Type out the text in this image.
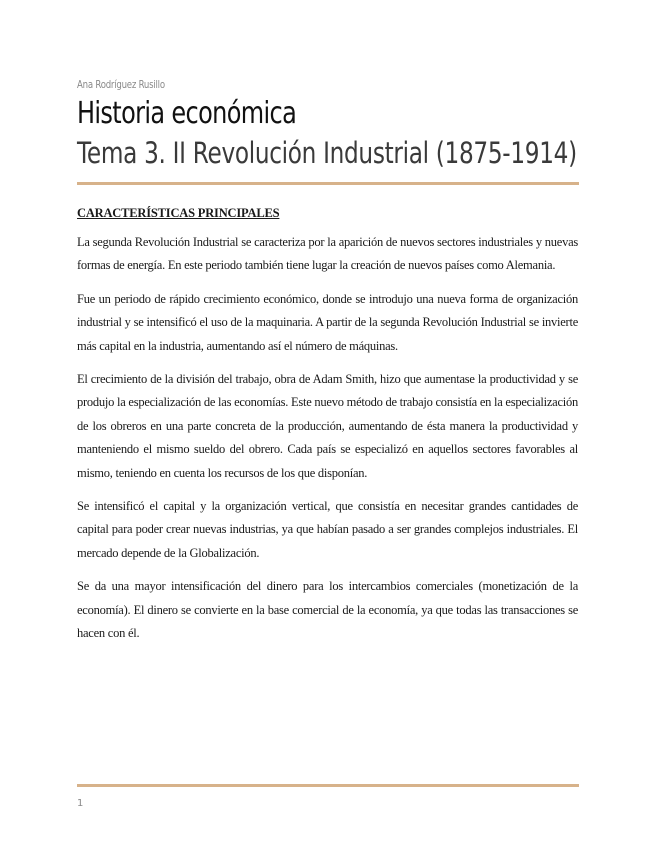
Ana Rodríguez Rusillo
Historia económica
Tema 3. II Revolución Industrial (1875-1914)

CARACTERÍSTICAS PRINCIPALES

La segunda Revolución Industrial se caracteriza por la aparición de nuevos sectores industriales y nuevas formas de energía. En este periodo también tiene lugar la creación de nuevos países como Alemania.

Fue un periodo de rápido crecimiento económico, donde se introdujo una nueva forma de organización industrial y se intensificó el uso de la maquinaria. A partir de la segunda Revolución Industrial se invierte más capital en la industria, aumentando así el número de máquinas.

El crecimiento de la división del trabajo, obra de Adam Smith, hizo que aumentase la productividad y se produjo la especialización de las economías. Este nuevo método de trabajo consistía en la especialización de los obreros en una parte concreta de la producción, aumentando de ésta manera la productividad y manteniendo el mismo sueldo del obrero. Cada país se especializó en aquellos sectores favorables al mismo, teniendo en cuenta los recursos de los que disponían.

Se intensificó el capital y la organización vertical, que consistía en necesitar grandes cantidades de capital para poder crear nuevas industrias, ya que habían pasado a ser grandes complejos industriales. El mercado depende de la Globalización.

Se da una mayor intensificación del dinero para los intercambios comerciales (monetización de la economía). El dinero se convierte en la base comercial de la economía, ya que todas las transacciones se hacen con él.

1
